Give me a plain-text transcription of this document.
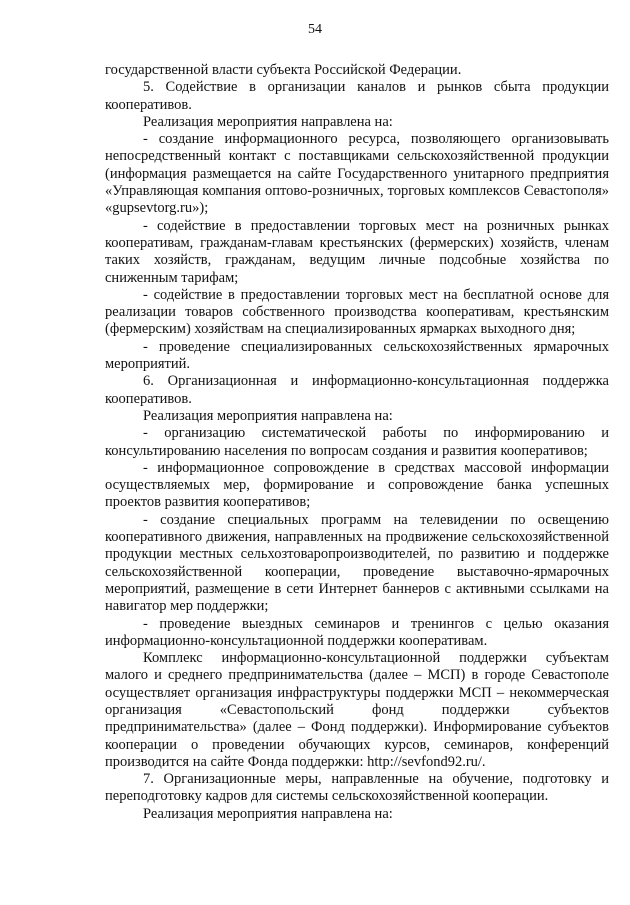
54

государственной власти субъекта Российской Федерации.

5. Содействие в организации каналов и рынков сбыта продукции кооперативов.

Реализация мероприятия направлена на:

- создание информационного ресурса, позволяющего организовывать непосредственный контакт с поставщиками сельскохозяйственной продукции (информация размещается на сайте Государственного унитарного предприятия «Управляющая компания оптово-розничных, торговых комплексов Севастополя» «gupsevtorg.ru»);

- содействие в предоставлении торговых мест на розничных рынках кооперативам, гражданам-главам крестьянских (фермерских) хозяйств, членам таких хозяйств, гражданам, ведущим личные подсобные хозяйства по сниженным тарифам;

- содействие в предоставлении торговых мест на бесплатной основе для реализации товаров собственного производства кооперативам, крестьянским (фермерским) хозяйствам на специализированных ярмарках выходного дня;

- проведение специализированных сельскохозяйственных ярмарочных мероприятий.

6. Организационная и информационно-консультационная поддержка кооперативов.

Реализация мероприятия направлена на:

- организацию систематической работы по информированию и консультированию населения по вопросам создания и развития кооперативов;

- информационное сопровождение в средствах массовой информации осуществляемых мер, формирование и сопровождение банка успешных проектов развития кооперативов;

- создание специальных программ на телевидении по освещению кооперативного движения, направленных на продвижение сельскохозяйственной продукции местных сельхозтоваропроизводителей, по развитию и поддержке сельскохозяйственной кооперации, проведение выставочно-ярмарочных мероприятий, размещение в сети Интернет баннеров с активными ссылками на навигатор мер поддержки;

- проведение выездных семинаров и тренингов с целью оказания информационно-консультационной поддержки кооперативам.

Комплекс информационно-консультационной поддержки субъектам малого и среднего предпринимательства (далее – МСП) в городе Севастополе осуществляет организация инфраструктуры поддержки МСП – некоммерческая организация «Севастопольский фонд поддержки субъектов предпринимательства» (далее – Фонд поддержки). Информирование субъектов кооперации о проведении обучающих курсов, семинаров, конференций производится на сайте Фонда поддержки: http://sevfond92.ru/.

7. Организационные меры, направленные на обучение, подготовку и переподготовку кадров для системы сельскохозяйственной кооперации.

Реализация мероприятия направлена на:
